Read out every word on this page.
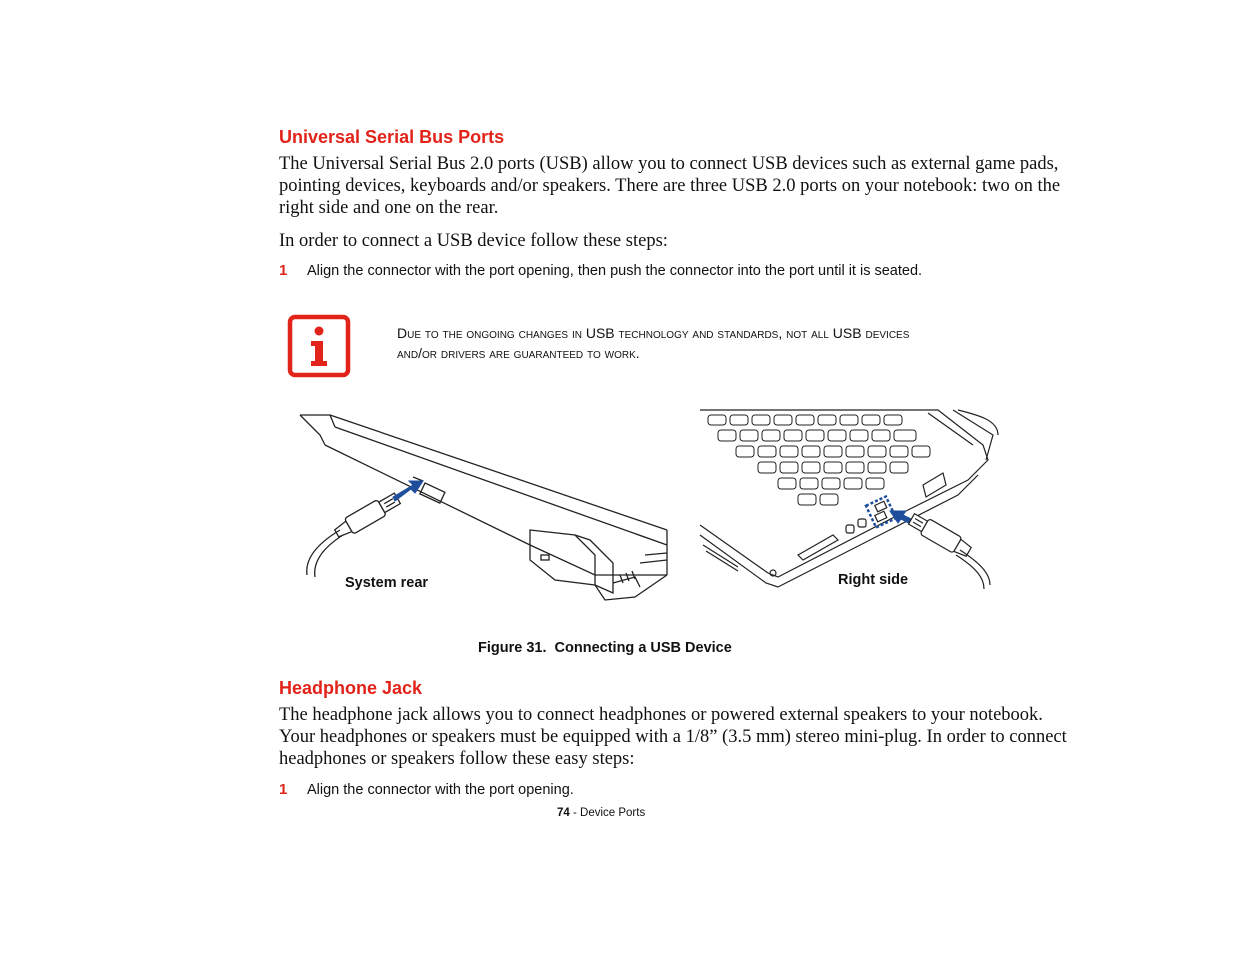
Universal Serial Bus Ports
The Universal Serial Bus 2.0 ports (USB) allow you to connect USB devices such as external game pads, pointing devices, keyboards and/or speakers. There are three USB 2.0 ports on your notebook: two on the right side and one on the rear.
In order to connect a USB device follow these steps:
1 Align the connector with the port opening, then push the connector into the port until it is seated.
Due to the ongoing changes in USB technology and standards, not all USB devices
and/or drivers are guaranteed to work.
System rear	Right side
Figure 31.  Connecting a USB Device
Headphone Jack
The headphone jack allows you to connect headphones or powered external speakers to your notebook. Your headphones or speakers must be equipped with a 1/8” (3.5 mm) stereo mini-plug. In order to connect headphones or speakers follow these easy steps:
1 Align the connector with the port opening.
74 - Device Ports
